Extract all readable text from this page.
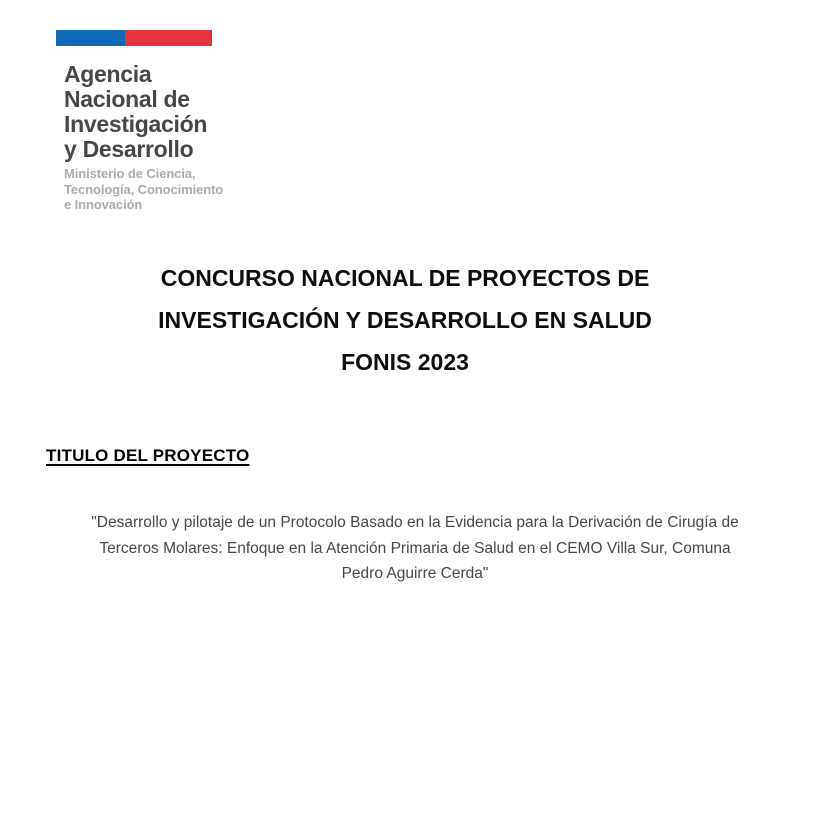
Agencia
Nacional de
Investigación
y Desarrollo
Ministerio de Ciencia,
Tecnología, Conocimiento
e Innovación
CONCURSO NACIONAL DE PROYECTOS DE
INVESTIGACIÓN Y DESARROLLO EN SALUD
FONIS 2023
TITULO DEL PROYECTO

"Desarrollo y pilotaje de un Protocolo Basado en la Evidencia para la Derivación de Cirugía de
Terceros Molares: Enfoque en la Atención Primaria de Salud en el CEMO Villa Sur, Comuna
Pedro Aguirre Cerda"
